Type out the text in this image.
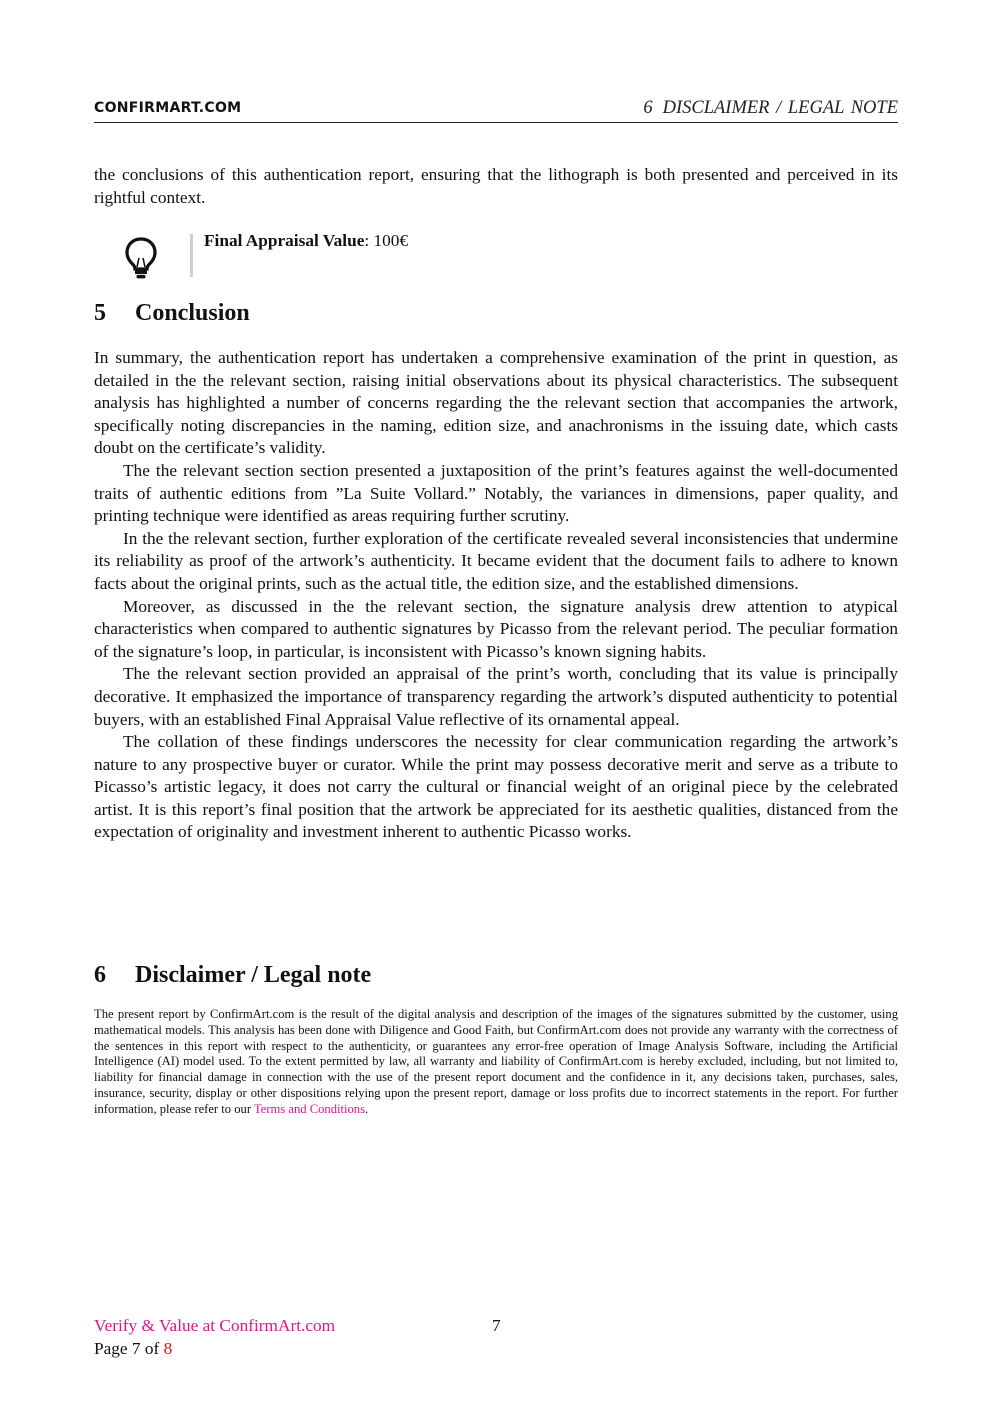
CONFIRMART.COM	6 DISCLAIMER / LEGAL NOTE

the conclusions of this authentication report, ensuring that the lithograph is both presented and perceived in its rightful context.

Final Appraisal Value: 100€
5 Conclusion

In summary, the authentication report has undertaken a comprehensive examination of the print in question, as detailed in the the relevant section, raising initial observations about its physical characteristics. The subsequent analysis has highlighted a number of concerns regarding the the relevant section that accompanies the artwork, specifically noting discrepancies in the naming, edition size, and anachronisms in the issuing date, which casts doubt on the certificate’s validity.

The the relevant section section presented a juxtaposition of the print’s features against the well-documented traits of authentic editions from ”La Suite Vollard.” Notably, the variances in dimensions, paper quality, and printing technique were identified as areas requiring further scrutiny.

In the the relevant section, further exploration of the certificate revealed several inconsistencies that undermine its reliability as proof of the artwork’s authenticity. It became evident that the document fails to adhere to known facts about the original prints, such as the actual title, the edition size, and the established dimensions.

Moreover, as discussed in the the relevant section, the signature analysis drew attention to atypical characteristics when compared to authentic signatures by Picasso from the relevant period. The peculiar formation of the signature’s loop, in particular, is inconsistent with Picasso’s known signing habits.

The the relevant section provided an appraisal of the print’s worth, concluding that its value is principally decorative. It emphasized the importance of transparency regarding the artwork’s disputed authenticity to potential buyers, with an established Final Appraisal Value reflective of its ornamental appeal.

The collation of these findings underscores the necessity for clear communication regarding the artwork’s nature to any prospective buyer or curator. While the print may possess decorative merit and serve as a tribute to Picasso’s artistic legacy, it does not carry the cultural or financial weight of an original piece by the celebrated artist. It is this report’s final position that the artwork be appreciated for its aesthetic qualities, distanced from the expectation of originality and investment inherent to authentic Picasso works.

6 Disclaimer / Legal note

The present report by ConfirmArt.com is the result of the digital analysis and description of the images of the signatures submitted by the customer, using mathematical models. This analysis has been done with Diligence and Good Faith, but ConfirmArt.com does not provide any warranty with the correctness of the sentences in this report with respect to the authenticity, or guarantees any error-free operation of Image Analysis Software, including the Artificial Intelligence (AI) model used. To the extent permitted by law, all warranty and liability of ConfirmArt.com is hereby excluded, including, but not limited to, liability for financial damage in connection with the use of the present report document and the confidence in it, any decisions taken, purchases, sales, insurance, security, display or other dispositions relying upon the present report, damage or loss profits due to incorrect statements in the report. For further information, please refer to our Terms and Conditions.

Verify & Value at ConfirmArt.com
Page 7 of 8
7
